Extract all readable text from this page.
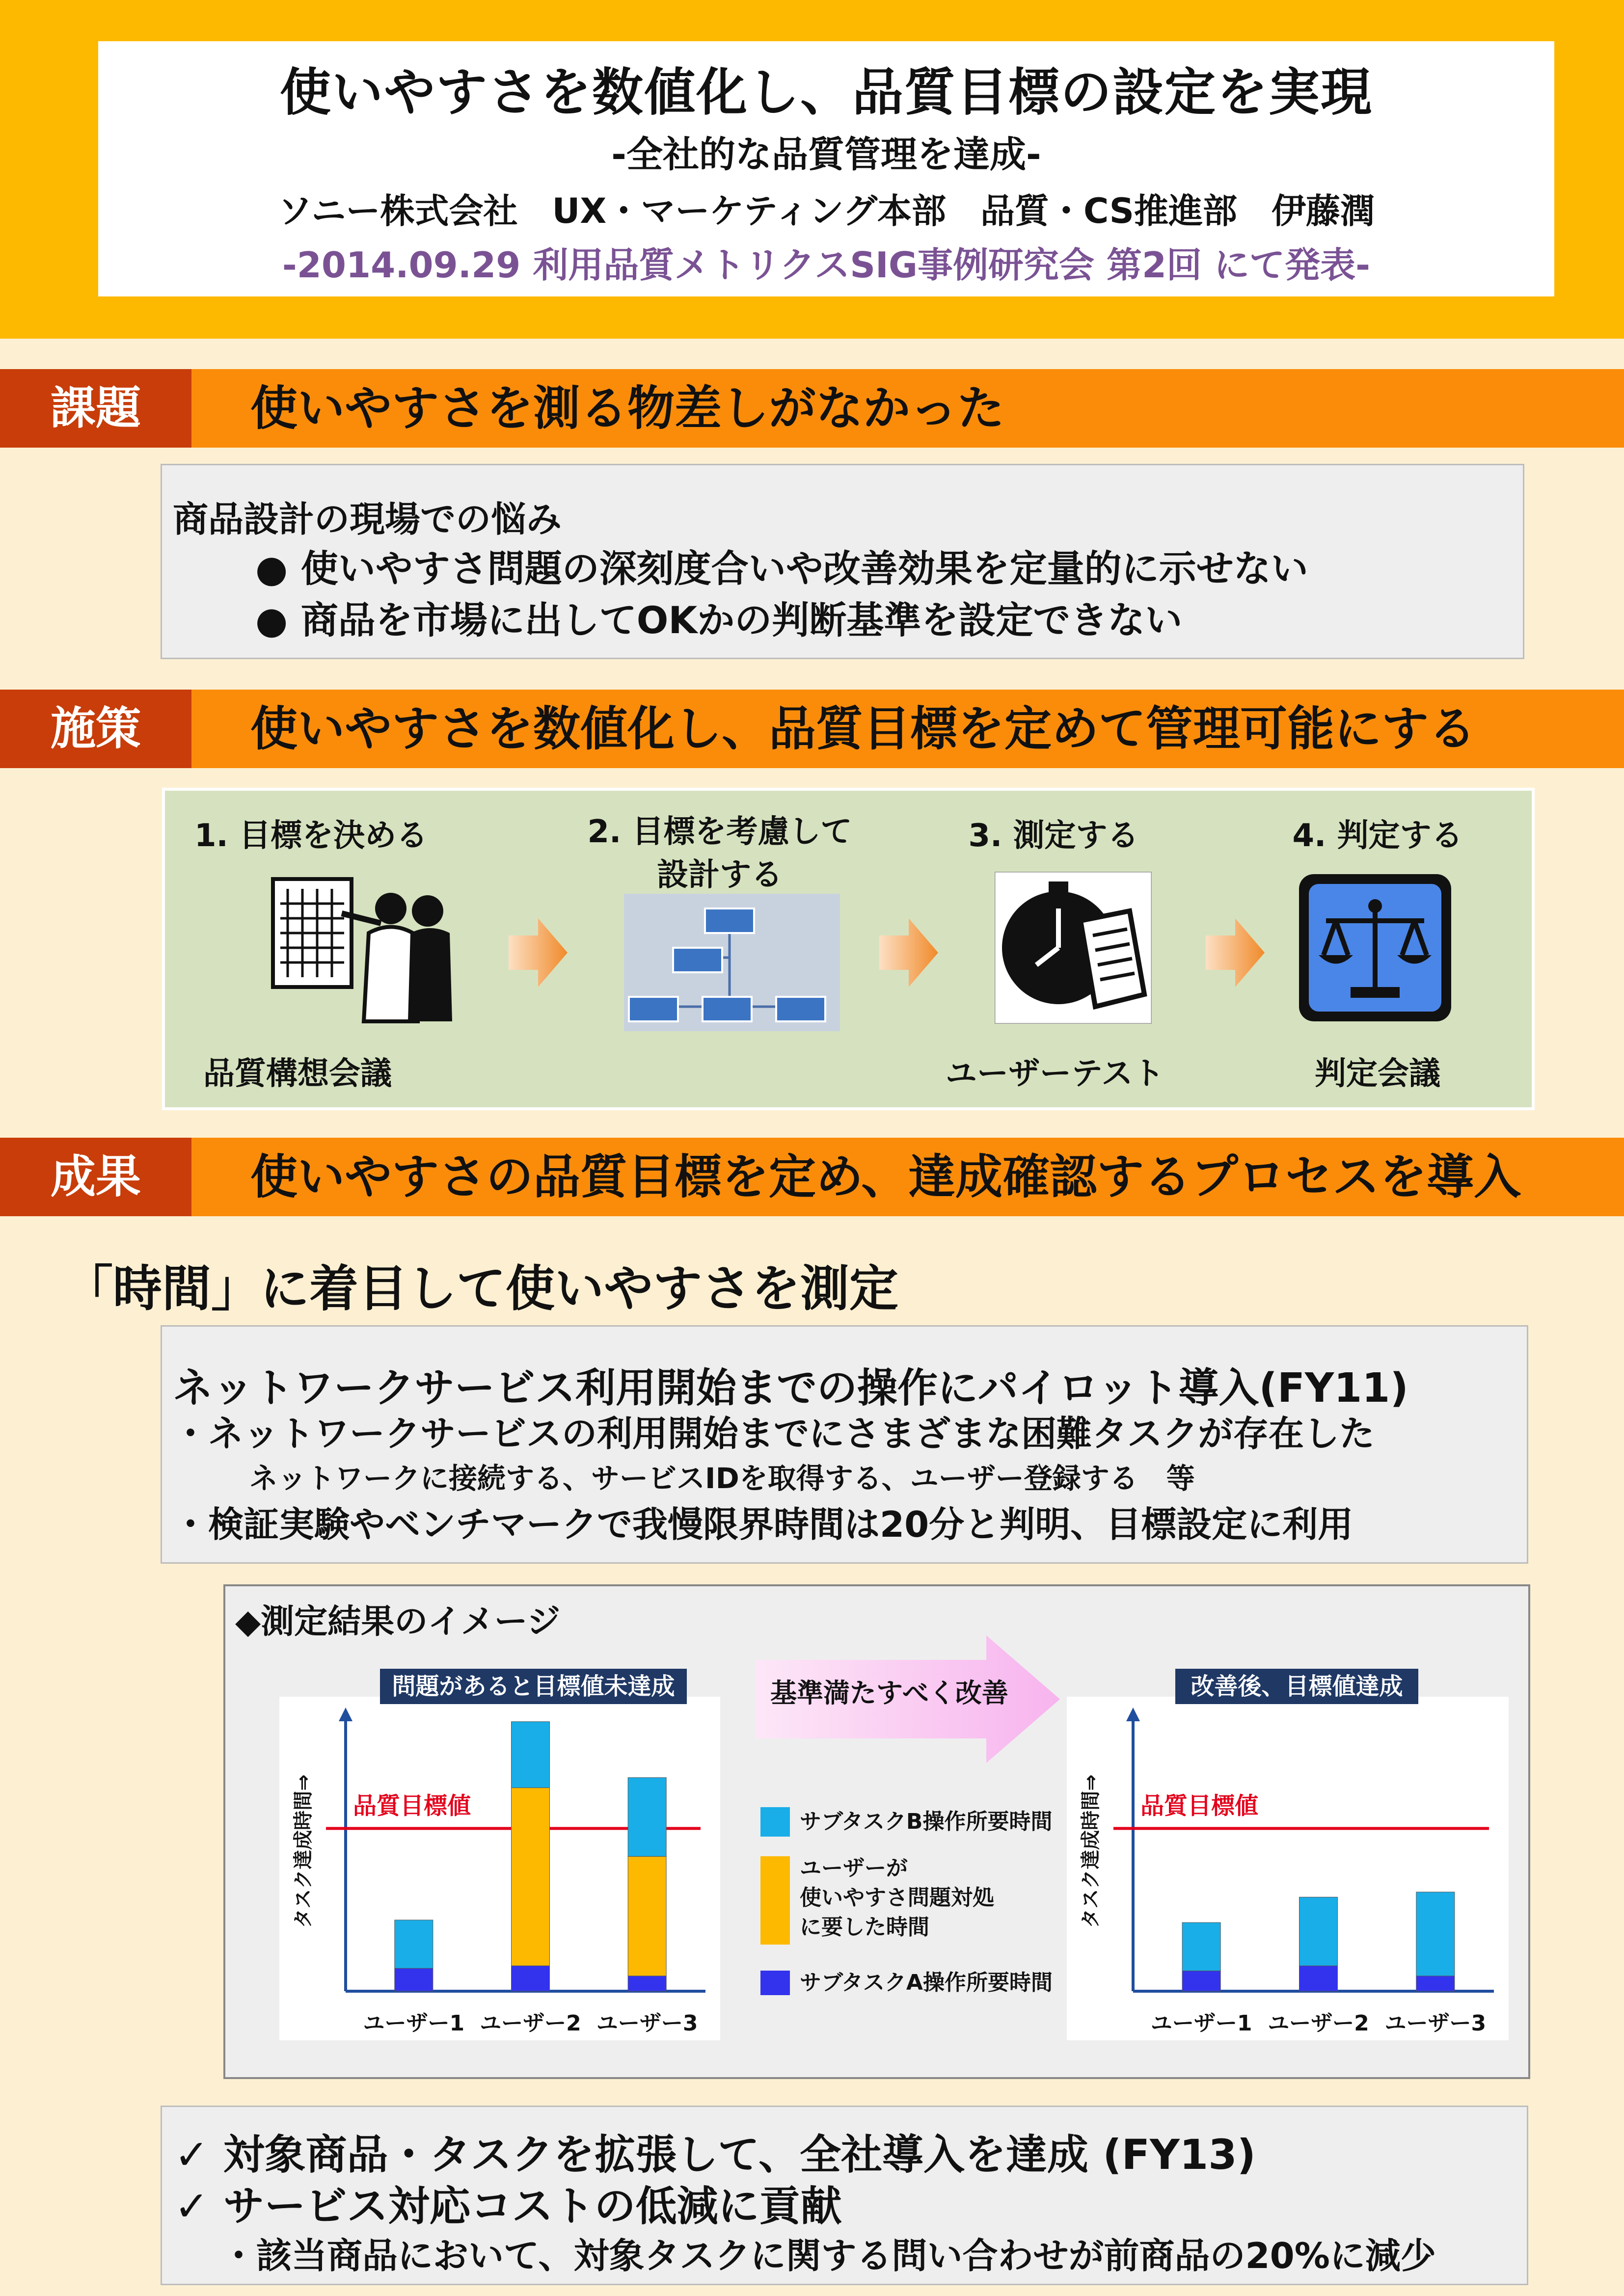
使いやすさを数値化し、品質目標の設定を実現
-全社的な品質管理を達成-
ソニー株式会社　UX・マーケティング本部　品質・CS推進部　伊藤潤
-2014.09.29 利用品質メトリクスSIG事例研究会 第2回 にて発表-
課題	使いやすさを測る物差しがなかった
商品設計の現場での悩み
● 使いやすさ問題の深刻度合いや改善効果を定量的に示せない
● 商品を市場に出してOKかの判断基準を設定できない
施策	使いやすさを数値化し、品質目標を定めて管理可能にする
1. 目標を決める
品質構想会議
2. 目標を考慮して
設計する
3. 測定する
ユーザーテスト
4. 判定する
判定会議
成果	使いやすさの品質目標を定め、達成確認するプロセスを導入
「時間」に着目して使いやすさを測定
ネットワークサービス利用開始までの操作にパイロット導入(FY11)
・ネットワークサービスの利用開始までにさまざまな困難タスクが存在した
ネットワークに接続する、サービスIDを取得する、ユーザー登録する　等
・検証実験やベンチマークで我慢限界時間は20分と判明、目標設定に利用
◆測定結果のイメージ
問題があると目標値未達成
タスク達成時間⇒ 品質目標値
ユーザー1 ユーザー2 ユーザー3
基準満たすべく改善
サブタスクB操作所要時間
ユーザーが
使いやすさ問題対処
に要した時間
サブタスクA操作所要時間
改善後、目標値達成
タスク達成時間⇒ 品質目標値
ユーザー1 ユーザー2 ユーザー3
✓ 対象商品・タスクを拡張して、全社導入を達成 (FY13)
✓ サービス対応コストの低減に貢献
・該当商品において、対象タスクに関する問い合わせが前商品の20%に減少
